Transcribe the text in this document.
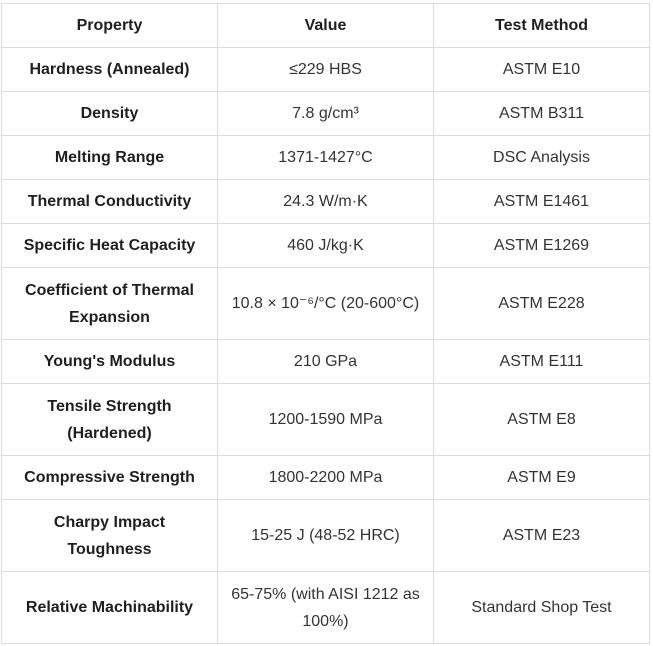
Property	Value	Test Method
Hardness (Annealed)	≤229 HBS	ASTM E10
Density	7.8 g/cm³	ASTM B311
Melting Range	1371-1427°C	DSC Analysis
Thermal Conductivity	24.3 W/m·K	ASTM E1461
Specific Heat Capacity	460 J/kg·K	ASTM E1269
Coefficient of Thermal Expansion	10.8 × 10⁻⁶/°C (20-600°C)	ASTM E228
Young's Modulus	210 GPa	ASTM E111
Tensile Strength (Hardened)	1200-1590 MPa	ASTM E8
Compressive Strength	1800-2200 MPa	ASTM E9
Charpy Impact Toughness	15-25 J (48-52 HRC)	ASTM E23
Relative Machinability	65-75% (with AISI 1212 as 100%)	Standard Shop Test
